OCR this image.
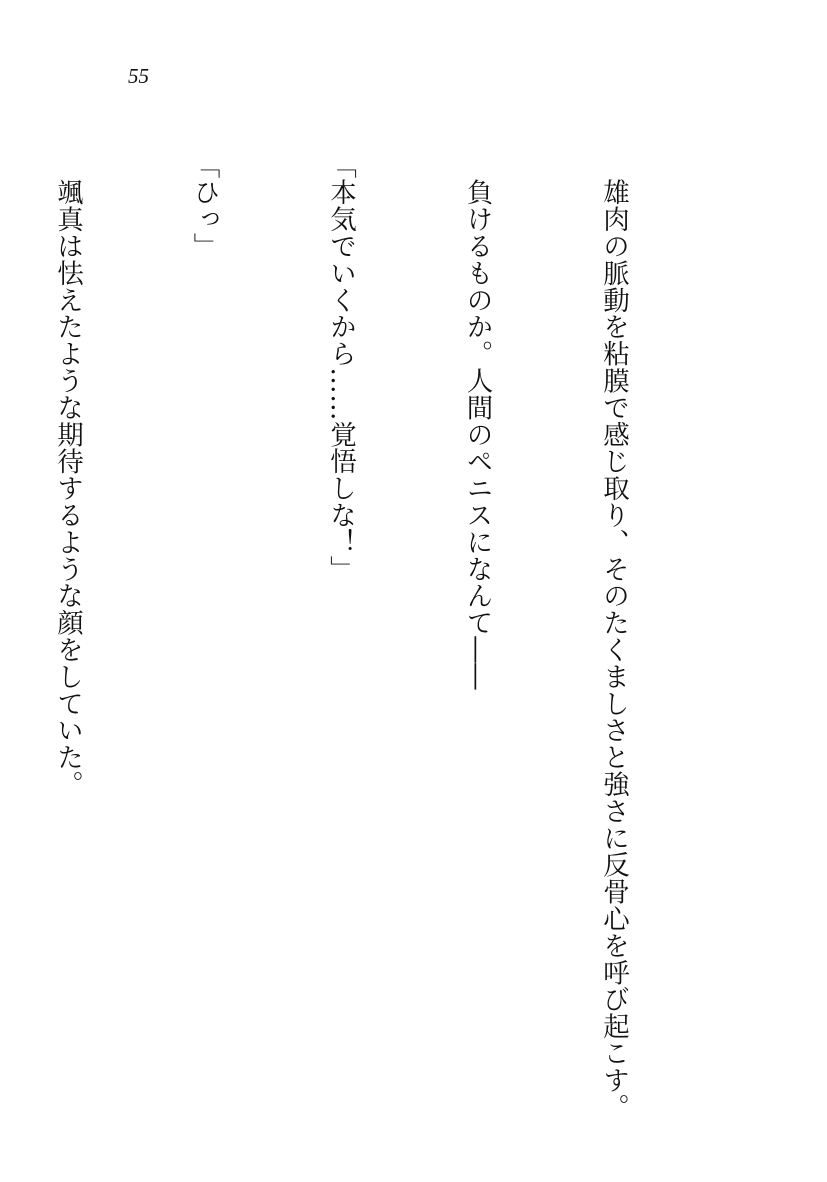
55

　雄肉の脈動を粘膜で感じ取り、そのたくましさと強さに反骨心を呼び起こす。

　負けるものか。人間のペニスになんて――

「本気でいくから……覚悟しな！」

「ひっ」

　颯真は怯えたような期待するような顔をしていた。
